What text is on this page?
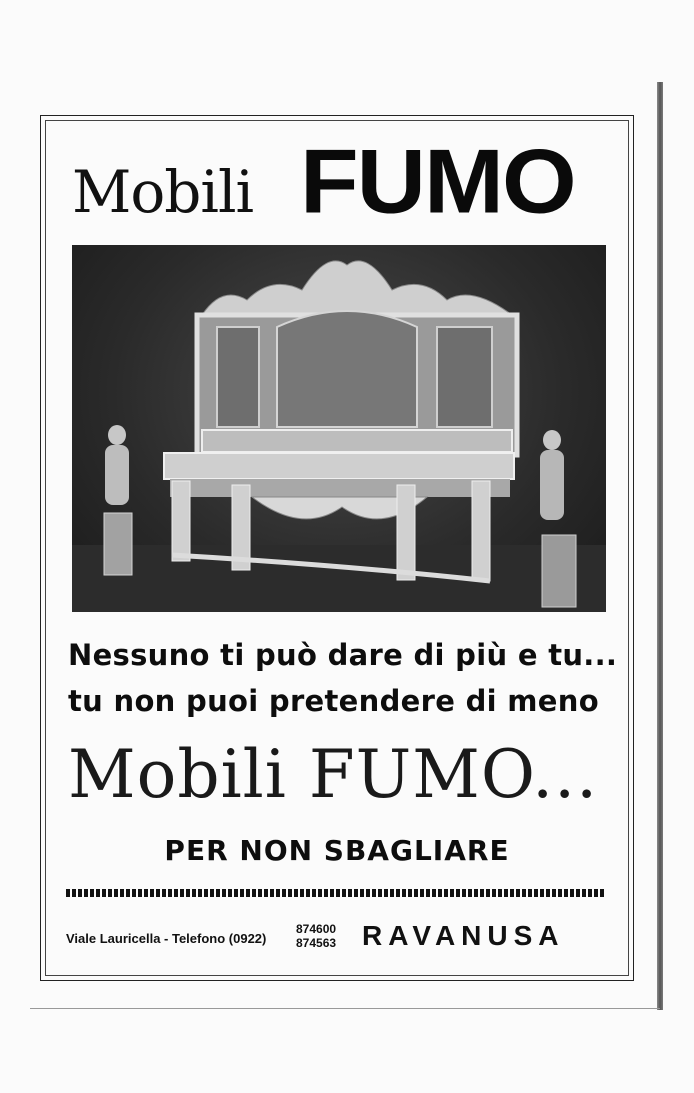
Mobili FUMO
Nessuno ti può dare di più e tu...
tu non puoi pretendere di meno
Mobili FUMO...
PER NON SBAGLIARE
Viale Lauricella - Telefono (0922)
874600
874563 RAVANUSA
